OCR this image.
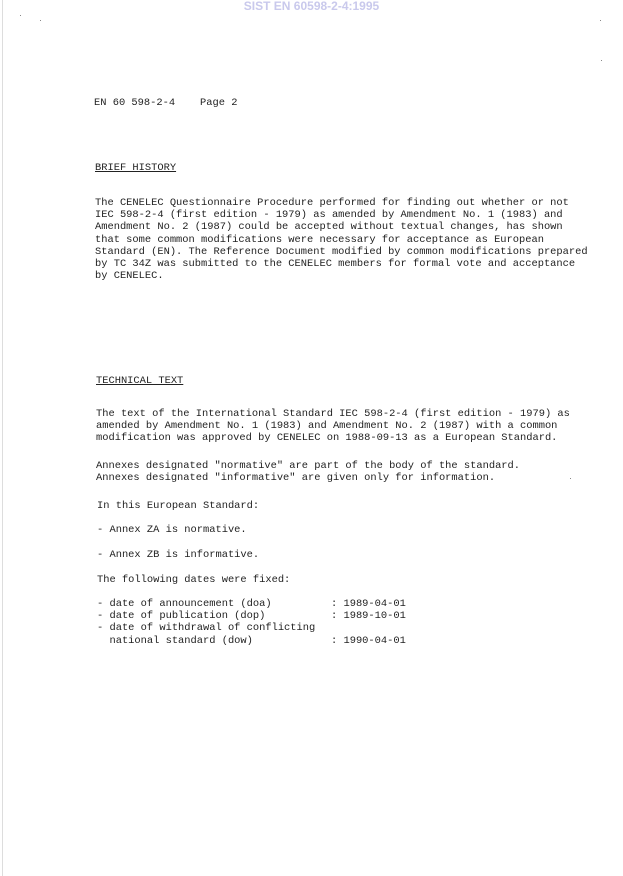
SIST EN 60598-2-4:1995
EN 60 598-2-4 Page 2
BRIEF HISTORY
The CENELEC Questionnaire Procedure performed for finding out whether or not
IEC 598-2-4 (first edition - 1979) as amended by Amendment No. 1 (1983) and
Amendment No. 2 (1987) could be accepted without textual changes, has shown
that some common modifications were necessary for acceptance as European
Standard (EN). The Reference Document modified by common modifications prepared
by TC 34Z was submitted to the CENELEC members for formal vote and acceptance
by CENELEC.
TECHNICAL TEXT
The text of the International Standard IEC 598-2-4 (first edition - 1979) as
amended by Amendment No. 1 (1983) and Amendment No. 2 (1987) with a common
modification was approved by CENELEC on 1988-09-13 as a European Standard.
Annexes designated "normative" are part of the body of the standard.
Annexes designated "informative" are given only for information.
In this European Standard:
- Annex ZA is normative.
- Annex ZB is informative.
The following dates were fixed:
- date of announcement (doa)	: 1989-04-01
- date of publication (dop)	: 1989-10-01
- date of withdrawal of conflicting
national standard (dow)	: 1990-04-01
